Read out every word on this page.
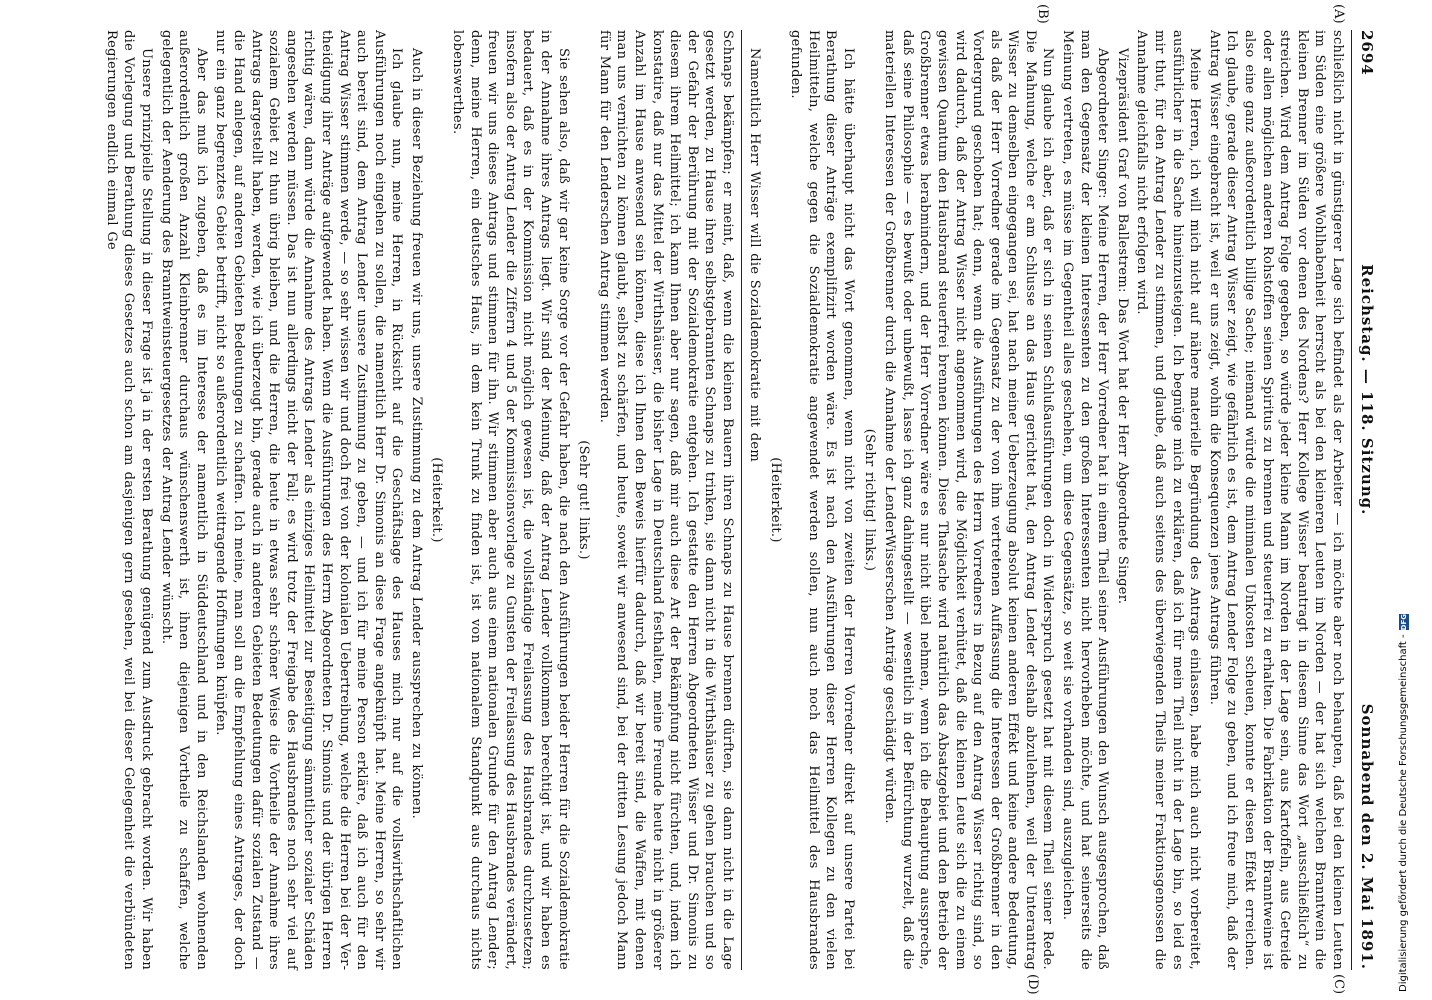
2694
Reichstag. — 118. Sitzung.
Sonnabend den 2. Mai 1891.
(A)
(B)
(C)
(D)

schließlich nicht in günstigerer Lage sich befindet als der Arbeiter — ich möchte aber noch behaupten, daß bei den kleinen Leuten im Süden eine größere Wohlhabenheit herrscht als bei den kleineren Leuten im Norden — der hat sich welchen Branntwein die kleinen Brenner im Süden vor denen des Nordens? Herr Kollege Wisser beantragt in diesem Sinne das Wort „ausschließlich“ zu streichen. Wird dem Antrag Folge gegeben, so würde jeder kleine Mann im Norden in der Lage sein, aus Kartoffeln, aus Getreide oder allen möglichen anderen Rohstoffen seinen Spiritus zu brennen und steuerfrei zu erhalten. Die Fabrikation der Branntweine ist also eine ganz außerordentlich billige Sache; niemand würde die minimalen Unkosten scheuen, konnte er diesen Effekt erreichen. Ich glaube, gerade dieser Antrag Wisser zeigt, wie gefährlich es ist, dem Antrag Lender Folge zu geben, und ich freue mich, daß der Antrag Wisser eingebracht ist, weil er uns zeigt, wohin die Konsequenzen jenes Antrags führen.

Meine Herren, ich will mich nicht auf nähere materielle Begründung des Antrags einlassen, habe mich auch nicht vorbereitet, ausführlicher in die Sache hineinzusteigen. Ich begnüge mich zu erklären, daß ich für mein Theil nicht in der Lage bin, so leid es mir thut, für den Antrag Lender zu stimmen, und glaube, daß auch seitens des überwiegenden Theils meiner Fraktionsgenossen die Annahme gleichfalls nicht erfolgen wird.

Vizepräsident Graf von Ballestrem: Das Wort hat der Herr Abgeordnete Singer.

Abgeordneter Singer: Meine Herren, der Herr Vorredner hat in einem Theil seiner Ausführungen den Wunsch ausgesprochen, daß man den Gegensatz der kleinen Interessenten zu den großen Interessenten nicht hervorheben möchte, und hat seinerseits die Meinung vertreten, es müsse im Gegentheil alles geschehen, um diese Gegensätze, so weit sie vorhanden sind, auszugleichen.

Nun glaube ich aber, daß er sich in seinen Schlußausführungen doch in Widerspruch gesetzt hat mit diesem Theil seiner Rede. Die Mahnung, welche er am Schlusse an das Haus gerichtet hat, den Antrag Lender deshalb abzulehnen, weil der Unterantrag Wisser zu demselben eingegangen sei, hat nach meiner Ueberzeugung absolut keinen anderen Effekt und keine andere Bedeutung, als daß der Herr Vorredner gerade im Gegensatz zu der von ihm vertretenen Auffassung die Interessen der Großbrenner in den Vordergrund geschoben hat; denn, wenn die Ausführungen des Herrn Vorredners in Bezug auf den Antrag Wisser richtig sind, so wird dadurch, daß der Antrag Wisser nicht angenommen wird, die Möglichkeit verhütet, daß die kleinen Leute sich die zu einem gewissen Quantum den Hausbrand steuerfrei brennen können. Diese Thatsache wird natürlich das Absatzgebiet und den Betrieb der Großbrenner etwas herabmindern, und der Herr Vorredner wäre es nur nicht übel nehmen, wenn ich die Behauptung ausspreche, daß seine Philosophie — es bewußt oder unbewußt, lasse ich ganz dahingestellt — wesentlich in der Befürchtung wurzelt, daß die materiellen Interessen der Großbrenner durch die Annahme der LenderWisserschen Anträge geschädigt würden.

(Sehr richtig! links.)

Ich hätte überhaupt nicht das Wort genommen, wenn nicht von zweiten der Herren Vorredner direkt auf unsere Partei bei Berathung dieser Anträge exemplifizirt worden wäre. Es ist nach den Ausführungen dieser Herren Kollegen zu den vielen Heilmitteln, welche gegen die Sozialdemokratie angewendet werden sollen, nun auch noch das Heilmittel des Hausbrandes gefunden.

(Heiterkeit.)

Namentlich Herr Wisser will die Sozialdemokratie mit dem

Schnaps bekämpfen; er meint, daß, wenn die kleinen Bauern ihren Schnaps zu Hause brennen dürften, sie dann nicht in die Lage gesetzt werden, zu Hause ihren selbstgebrannten Schnaps zu trinken, sie dann nicht in die Wirthshäuser zu gehen brauchen und so der Gefahr der Berührung mit der Sozialdemokratie entgehen. Ich gestatte den Herren Abgeordneten Wisser und Dr. Simonis zu diesem ihrem Heilmittel; ich kann Ihnen aber nur sagen, daß mir auch diese Art der Bekämpfung nicht fürchten, und, indem ich konstatire, daß nur das Mittel der Wirthshäuser, die bisher Lage in Deutschland festhalten, meine Freunde heute nicht in größerer Anzahl im Hause anwesend sein können, diese ich Ihnen den Beweis hierfür dadurch, daß wir bereit sind, die Waffen, mit denen man uns vernichten zu können glaubt, selbst zu schärfen, und heute, soweit wir anwesend sind, bei der dritten Lesung jedoch Mann für Mann für den Lenderschen Antrag stimmen werden.

(Sehr gut! links.)

Sie sehen also, daß wir gar keine Sorge vor der Gefahr haben, die nach den Ausführungen beider Herren für die Sozialdemokratie in der Annahme ihres Antrags liegt. Wir sind der Meinung, daß der Antrag Lender vollkommen berechtigt ist, und wir haben es bedauert, daß es in der Kommission nicht möglich gewesen ist, die vollständige Freilassung des Hausbrandes durchzusetzen; insofern also der Antrag Lender die Ziffern 4 und 5 der Kommissionsvorlage zu Gunsten der Freilassung des Hausbrandes verändert, freuen wir uns dieses Antrags und stimmen für ihn. Wir stimmen aber auch aus einem nationalen Grunde für den Antrag Lender; denn, meine Herren, ein deutsches Haus, in dem kein Trunk zu finden ist, ist von nationalem Standpunkt aus durchaus nichts lobenswerthes.

(Heiterkeit.)

Auch in dieser Beziehung freuen wir uns, unsere Zustimmung zu dem Antrag Lender aussprechen zu können.

Ich glaube nun, meine Herren, in Rücksicht auf die Geschäftslage des Hauses mich nur auf die vollswirthschaftlichen Ausführungen noch eingehen zu sollen, die namentlich Herr Dr. Simonis an diese Frage angeknüpft hat. Meine Herren, so sehr wir auch bereit sind, dem Antrag Lender unsere Zustimmung zu geben, — und ich für meine Person erkläre, daß ich auch für den Antrag Wisser stimmen werde, — so sehr wissen wir und doch frei von der kolonialen Uebertreibung, welche die Herren bei der Vertheidigung ihrer Anträge aufgewendet haben. Wenn die Ausführungen des Herrn Abgeordneten Dr. Simonis und der übrigen Herren richtig wären, dann würde die Annahme des Antrags Lender als einziges Heilmittel zur Beseitigung sämmtlicher sozialer Schäden angesehen werden müssen. Das ist nun allerdings nicht der Fall; es wird trotz der Freigabe des Hausbrandes noch sehr viel auf sozialem Gebiet zu thun übrig bleiben, und die Herren, die heute in etwas sehr schöner Weise die Vortheile der Annahme ihres Antrags dargestellt haben, werden, wie ich überzeugt bin, gerade auch in anderen Gebieten Bedeutungen dafür sozialen Zustand — die Hand anlegen, auf anderen Gebieten Bedeutungen zu schaffen. Ich meine, man soll an die Empfehlung eines Antrages, der doch nur ein ganz begrenztes Gebiet betrifft, nicht so außerordentlich weittragende Hoffnungen knüpfen.

Aber das muß ich zugeben, daß es im Interesse der namentlich in Süddeutschland und in den Reichslanden wohnenden außerordentlich großen Anzahl Kleinbrenner durchaus wünschenswerth ist, ihnen diejenigen Vortheile zu schaffen, welche gelegentlich der Aenderung des Branntweinsteuergesetzes der Antrag Lender wünscht.

Unsere prinzipielle Stellung in dieser Frage ist ja in der ersten Berathung genügend zum Ausdruck gebracht worden. Wir haben die Vorlegung und Berathung dieses Gesetzes auch schon am dasjenigen gern gesehen, weil bei dieser Gelegenheit die verbündeten Regierungen endlich einmal Ge

Digitalisierung gefördert durch die Deutsche Forschungsgemeinschaft -
DFG
